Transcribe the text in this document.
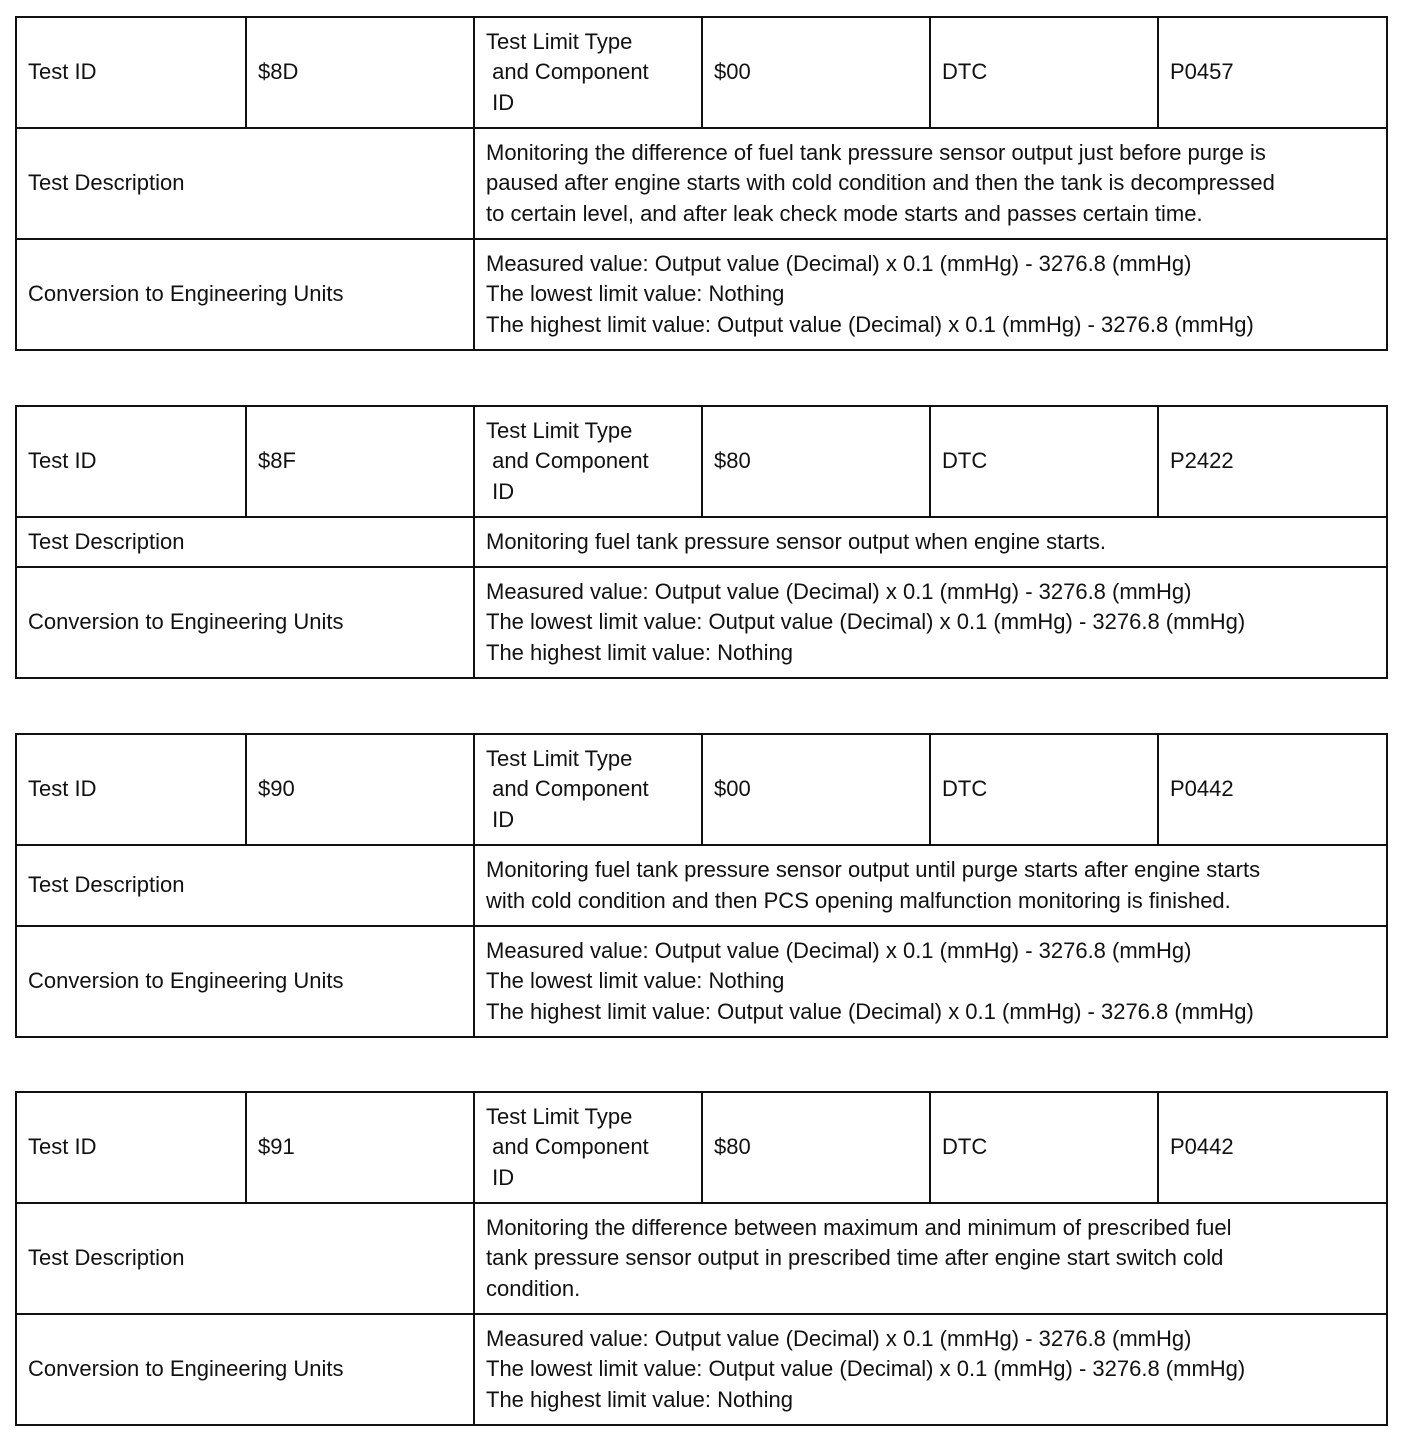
Test ID	$8D	Test Limit Type
and Component
ID	$00	DTC	P0457
Test Description		Monitoring the difference of fuel tank pressure sensor output just before purge is
paused after engine starts with cold condition and then the tank is decompressed
to certain level, and after leak check mode starts and passes certain time.			

Conversion to Engineering Units		Measured value: Output value (Decimal) x 0.1 (mmHg) - 3276.8 (mmHg)
The lowest limit value: Nothing
The highest limit value: Output value (Decimal) x 0.1 (mmHg) - 3276.8 (mmHg)			
Test ID	$8F	Test Limit Type
and Component
ID	$80	DTC	P2422
Test Description		Monitoring fuel tank pressure sensor output when engine starts.			

Conversion to Engineering Units		Measured value: Output value (Decimal) x 0.1 (mmHg) - 3276.8 (mmHg)
The lowest limit value: Output value (Decimal) x 0.1 (mmHg) - 3276.8 (mmHg)
The highest limit value: Nothing			
Test ID	$90	Test Limit Type
and Component
ID	$00	DTC	P0442
Test Description		Monitoring fuel tank pressure sensor output until purge starts after engine starts
with cold condition and then PCS opening malfunction monitoring is finished.			

Conversion to Engineering Units		Measured value: Output value (Decimal) x 0.1 (mmHg) - 3276.8 (mmHg)
The lowest limit value: Nothing
The highest limit value: Output value (Decimal) x 0.1 (mmHg) - 3276.8 (mmHg)			
Test ID	$91	Test Limit Type
and Component
ID	$80	DTC	P0442
Test Description		Monitoring the difference between maximum and minimum of prescribed fuel
tank pressure sensor output in prescribed time after engine start switch cold
condition.			

Conversion to Engineering Units		Measured value: Output value (Decimal) x 0.1 (mmHg) - 3276.8 (mmHg)
The lowest limit value: Output value (Decimal) x 0.1 (mmHg) - 3276.8 (mmHg)
The highest limit value: Nothing			
